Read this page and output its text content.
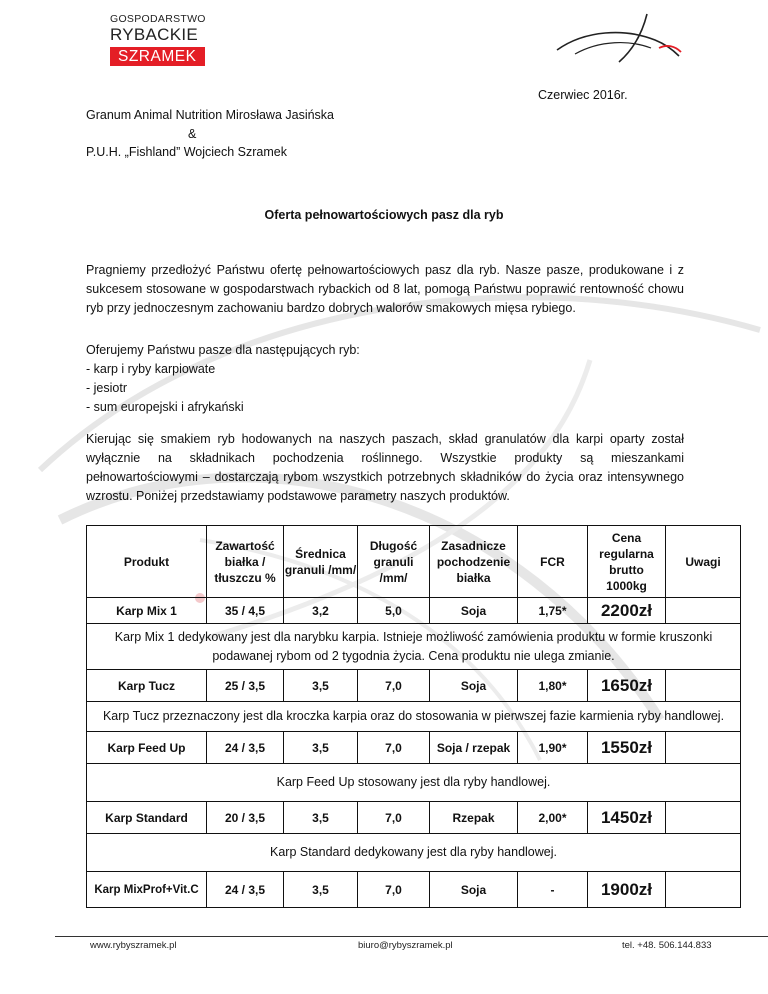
GOSPODARSTWO
RYBACKIE
SZRAMEK
Czerwiec 2016r.
Granum Animal Nutrition Mirosława Jasińska
&
P.U.H. „Fishland” Wojciech Szramek
Oferta pełnowartościowych pasz dla ryb
Pragniemy przedłożyć Państwu ofertę pełnowartościowych pasz dla ryb. Nasze pasze, produkowane i z sukcesem stosowane w gospodarstwach rybackich od 8 lat, pomogą Państwu poprawić rentowność chowu ryb przy jednoczesnym zachowaniu bardzo dobrych walorów smakowych mięsa rybiego.
Oferujemy Państwu pasze dla następujących ryb:
- karp i ryby karpiowate
- jesiotr
- sum europejski i afrykański
Kierując się smakiem ryb hodowanych na naszych paszach, skład granulatów dla karpi oparty został wyłącznie na składnikach pochodzenia roślinnego. Wszystkie produkty są mieszankami pełnowartościowymi – dostarczają rybom wszystkich potrzebnych składników do życia oraz intensywnego wzrostu. Poniżej przedstawiamy podstawowe parametry naszych produktów.
Produkt	Zawartość białka / tłuszczu %	Średnica granuli /mm/	Długość granuli /mm/	Zasadnicze pochodzenie białka	FCR	Cena regularna brutto 1000kg	Uwagi
Karp Mix 1	35 / 4,5	3,2	5,0	Soja	1,75*	2200zł	
Karp Mix 1 dedykowany jest dla narybku karpia. Istnieje możliwość zamówienia produktu w formie kruszonki podawanej rybom od 2 tygodnia życia. Cena produktu nie ulega zmianie.							
Karp Tucz	25 / 3,5	3,5	7,0	Soja	1,80*	1650zł	
Karp Tucz przeznaczony jest dla kroczka karpia oraz do stosowania w pierwszej fazie karmienia ryby handlowej.							
Karp Feed Up	24 / 3,5	3,5	7,0	Soja / rzepak	1,90*	1550zł	
Karp Feed Up stosowany jest dla ryby handlowej.							
Karp Standard	20 / 3,5	3,5	7,0	Rzepak	2,00*	1450zł	
Karp Standard dedykowany jest dla ryby handlowej.							
Karp MixProf+Vit.C	24 / 3,5	3,5	7,0	Soja	-	1900zł	
www.rybyszramek.pl	biuro@rybyszramek.pl	tel. +48. 506.144.833
